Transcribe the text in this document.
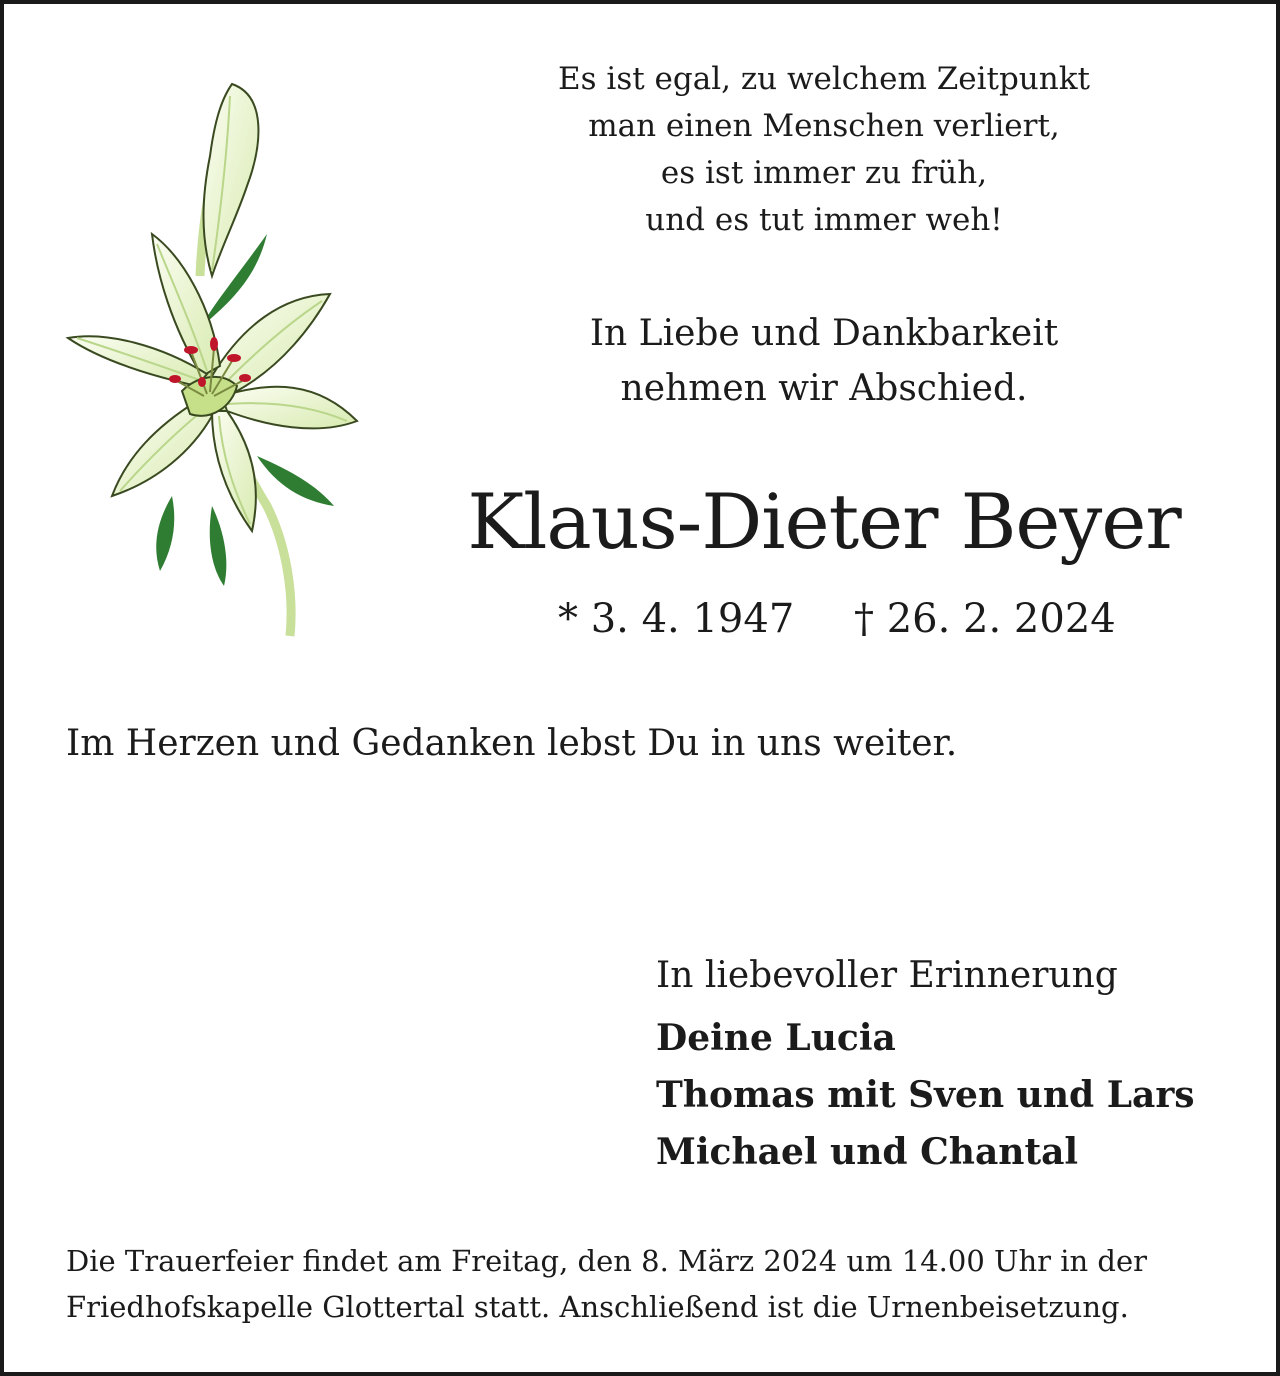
Es ist egal, zu welchem Zeitpunkt
man einen Menschen verliert,
es ist immer zu früh,
und es tut immer weh!
In Liebe und Dankbarkeit
nehmen wir Abschied.
Klaus-Dieter Beyer
* 3. 4. 1947 † 26. 2. 2024

Im Herzen und Gedanken lebst Du in uns weiter.

In liebevoller Erinnerung

Deine Lucia
Thomas mit Sven und Lars
Michael und Chantal
Die Trauerfeier findet am Freitag, den 8. März 2024 um 14.00 Uhr in der
Friedhofskapelle Glottertal statt. Anschließend ist die Urnenbeisetzung.
